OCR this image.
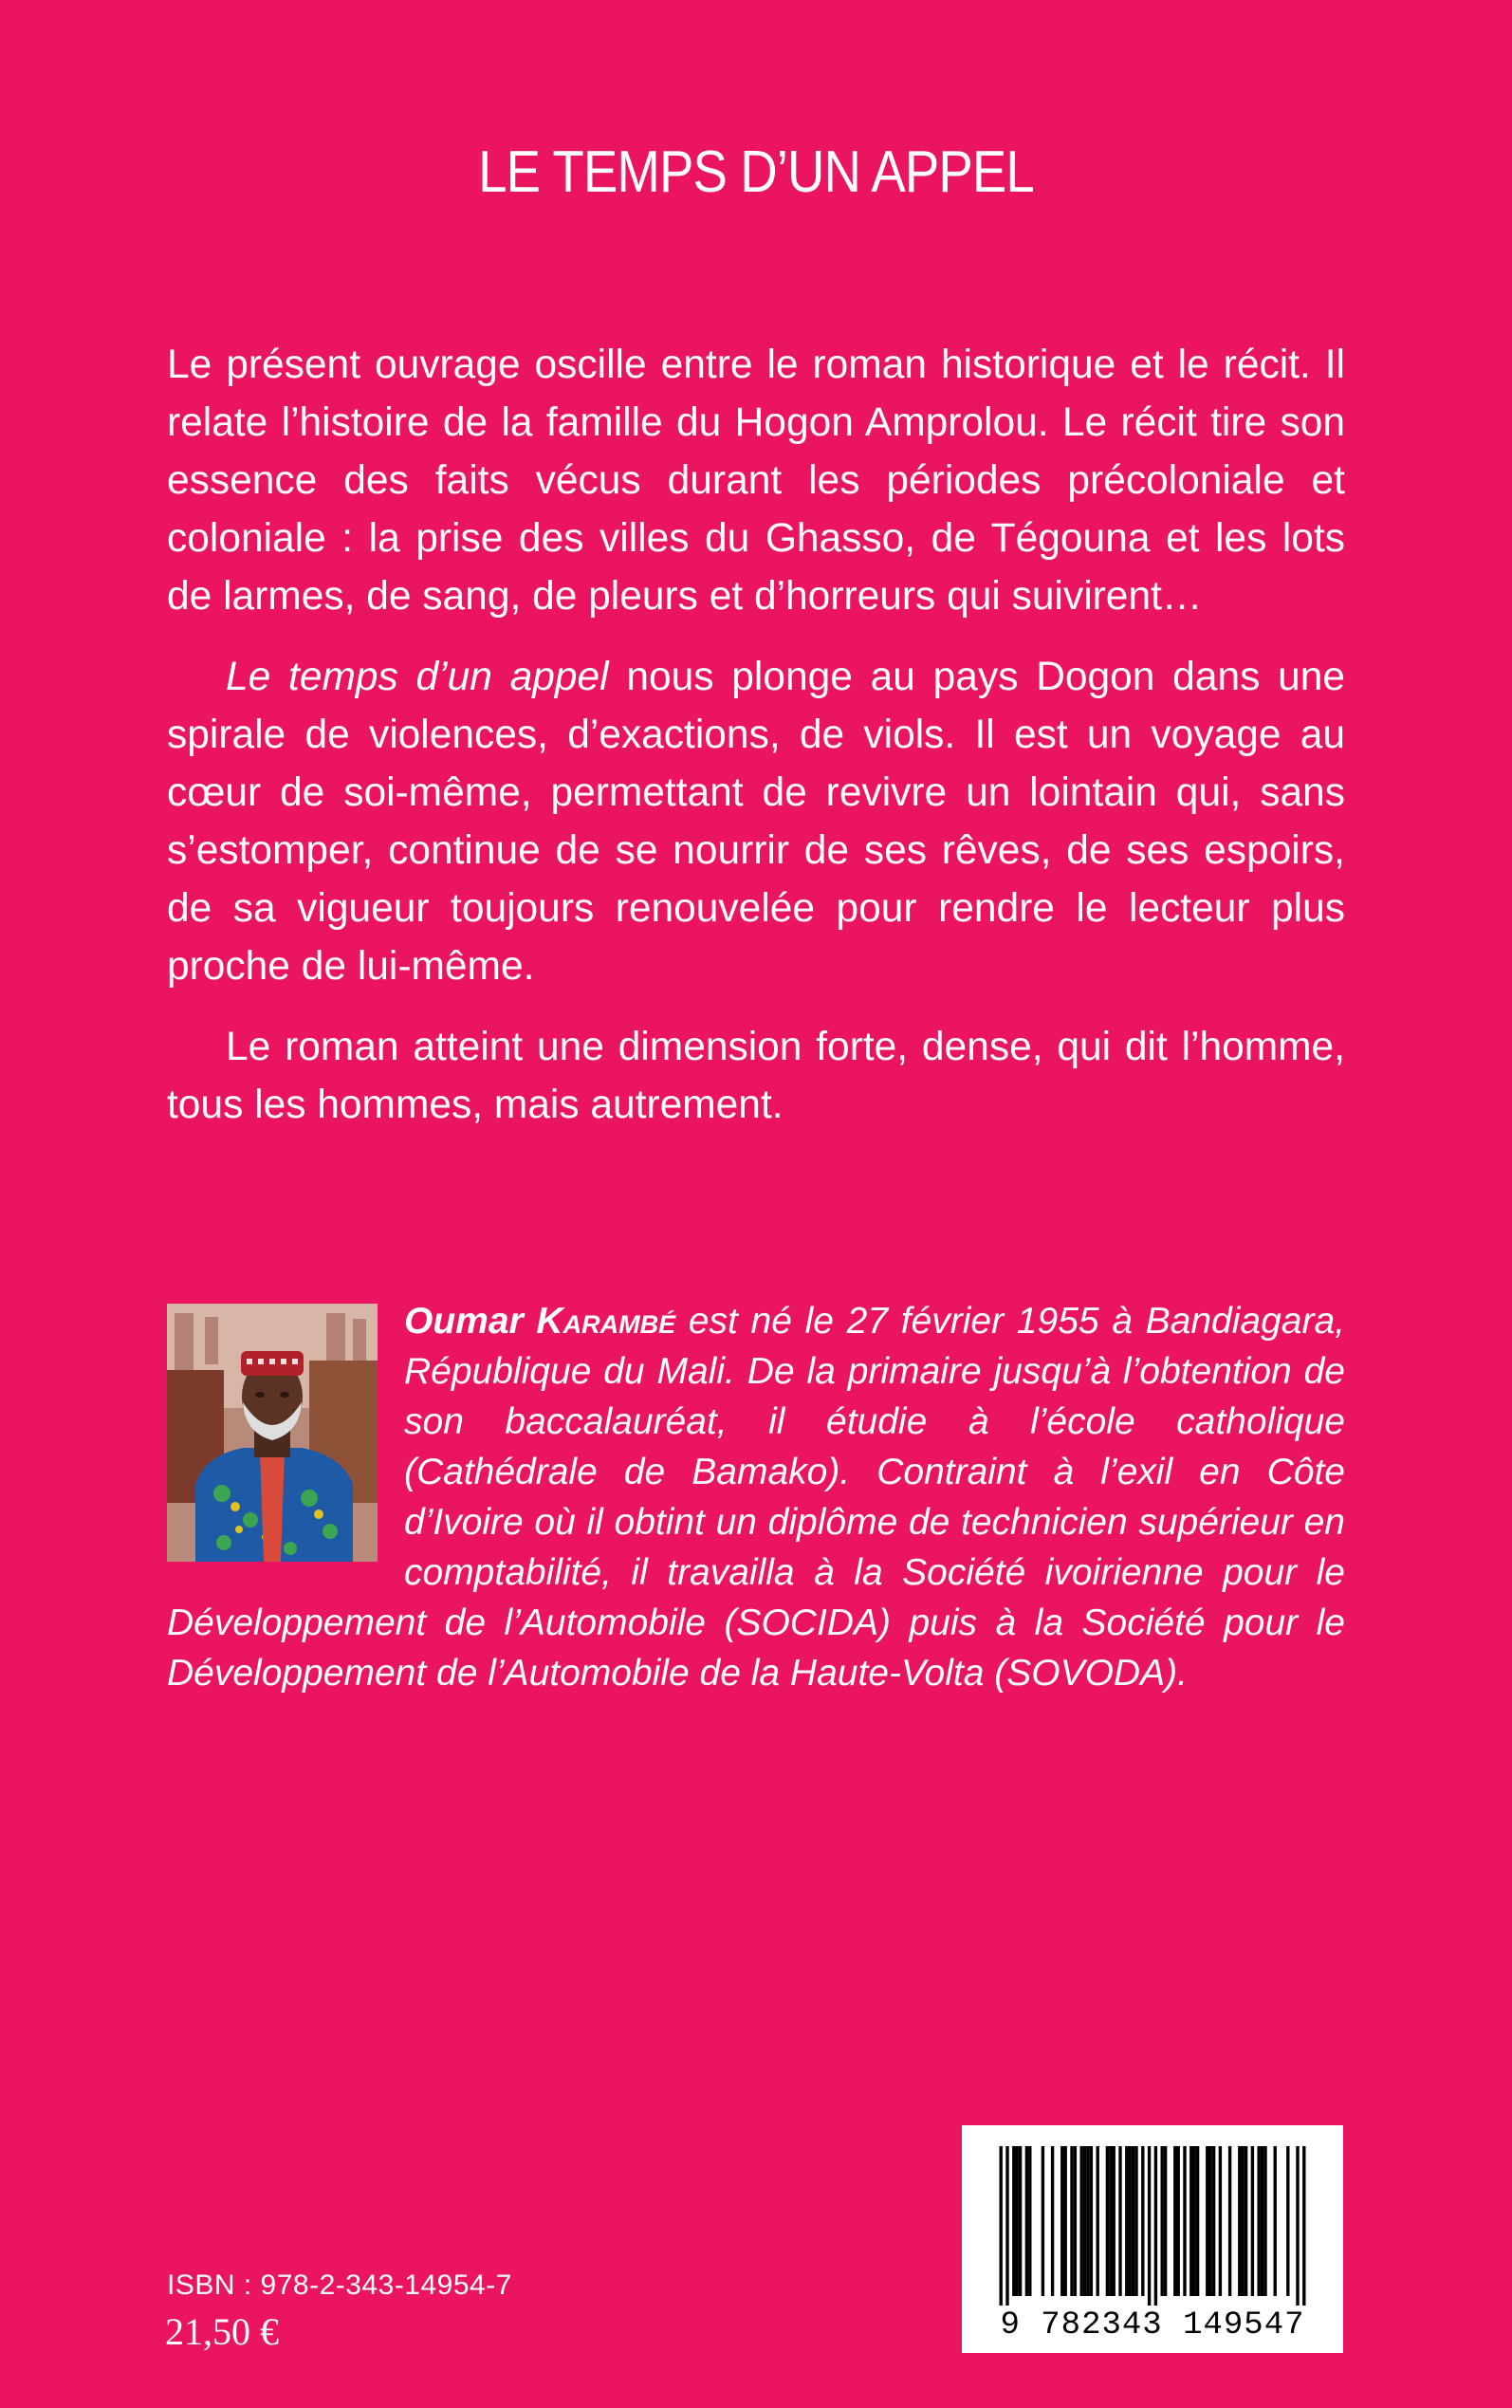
LE TEMPS D’UN APPEL

Le présent ouvrage oscille entre le roman historique et le récit. Il relate l’histoire de la famille du Hogon Amprolou. Le récit tire son essence des faits vécus durant les périodes précoloniale et coloniale : la prise des villes du Ghasso, de Tégouna et les lots de larmes, de sang, de pleurs et d’horreurs qui suivirent…

Le temps d’un appel nous plonge au pays Dogon dans une spirale de violences, d’exactions, de viols. Il est un voyage au cœur de soi-même, permettant de revivre un lointain qui, sans s’estomper, continue de se nourrir de ses rêves, de ses espoirs, de sa vigueur toujours renouvelée pour rendre le lecteur plus proche de lui-même.

Le roman atteint une dimension forte, dense, qui dit l’homme, tous les hommes, mais autrement.

Oumar Karambé est né le 27 février 1955 à Bandiagara, République du Mali. De la primaire jusqu’à l’obtention de son baccalauréat, il étudie à l’école catholique (Cathédrale de Bamako). Contraint à l’exil en Côte d’Ivoire où il obtint un diplôme de technicien supérieur en comptabilité, il travailla à la Société ivoirienne pour le Développement de l’Automobile (SOCIDA) puis à la Société pour le Développement de l’Automobile de la Haute-Volta (SOVODA).

ISBN : 978-2-343-14954-7
21,50 €	9 782343 149547
